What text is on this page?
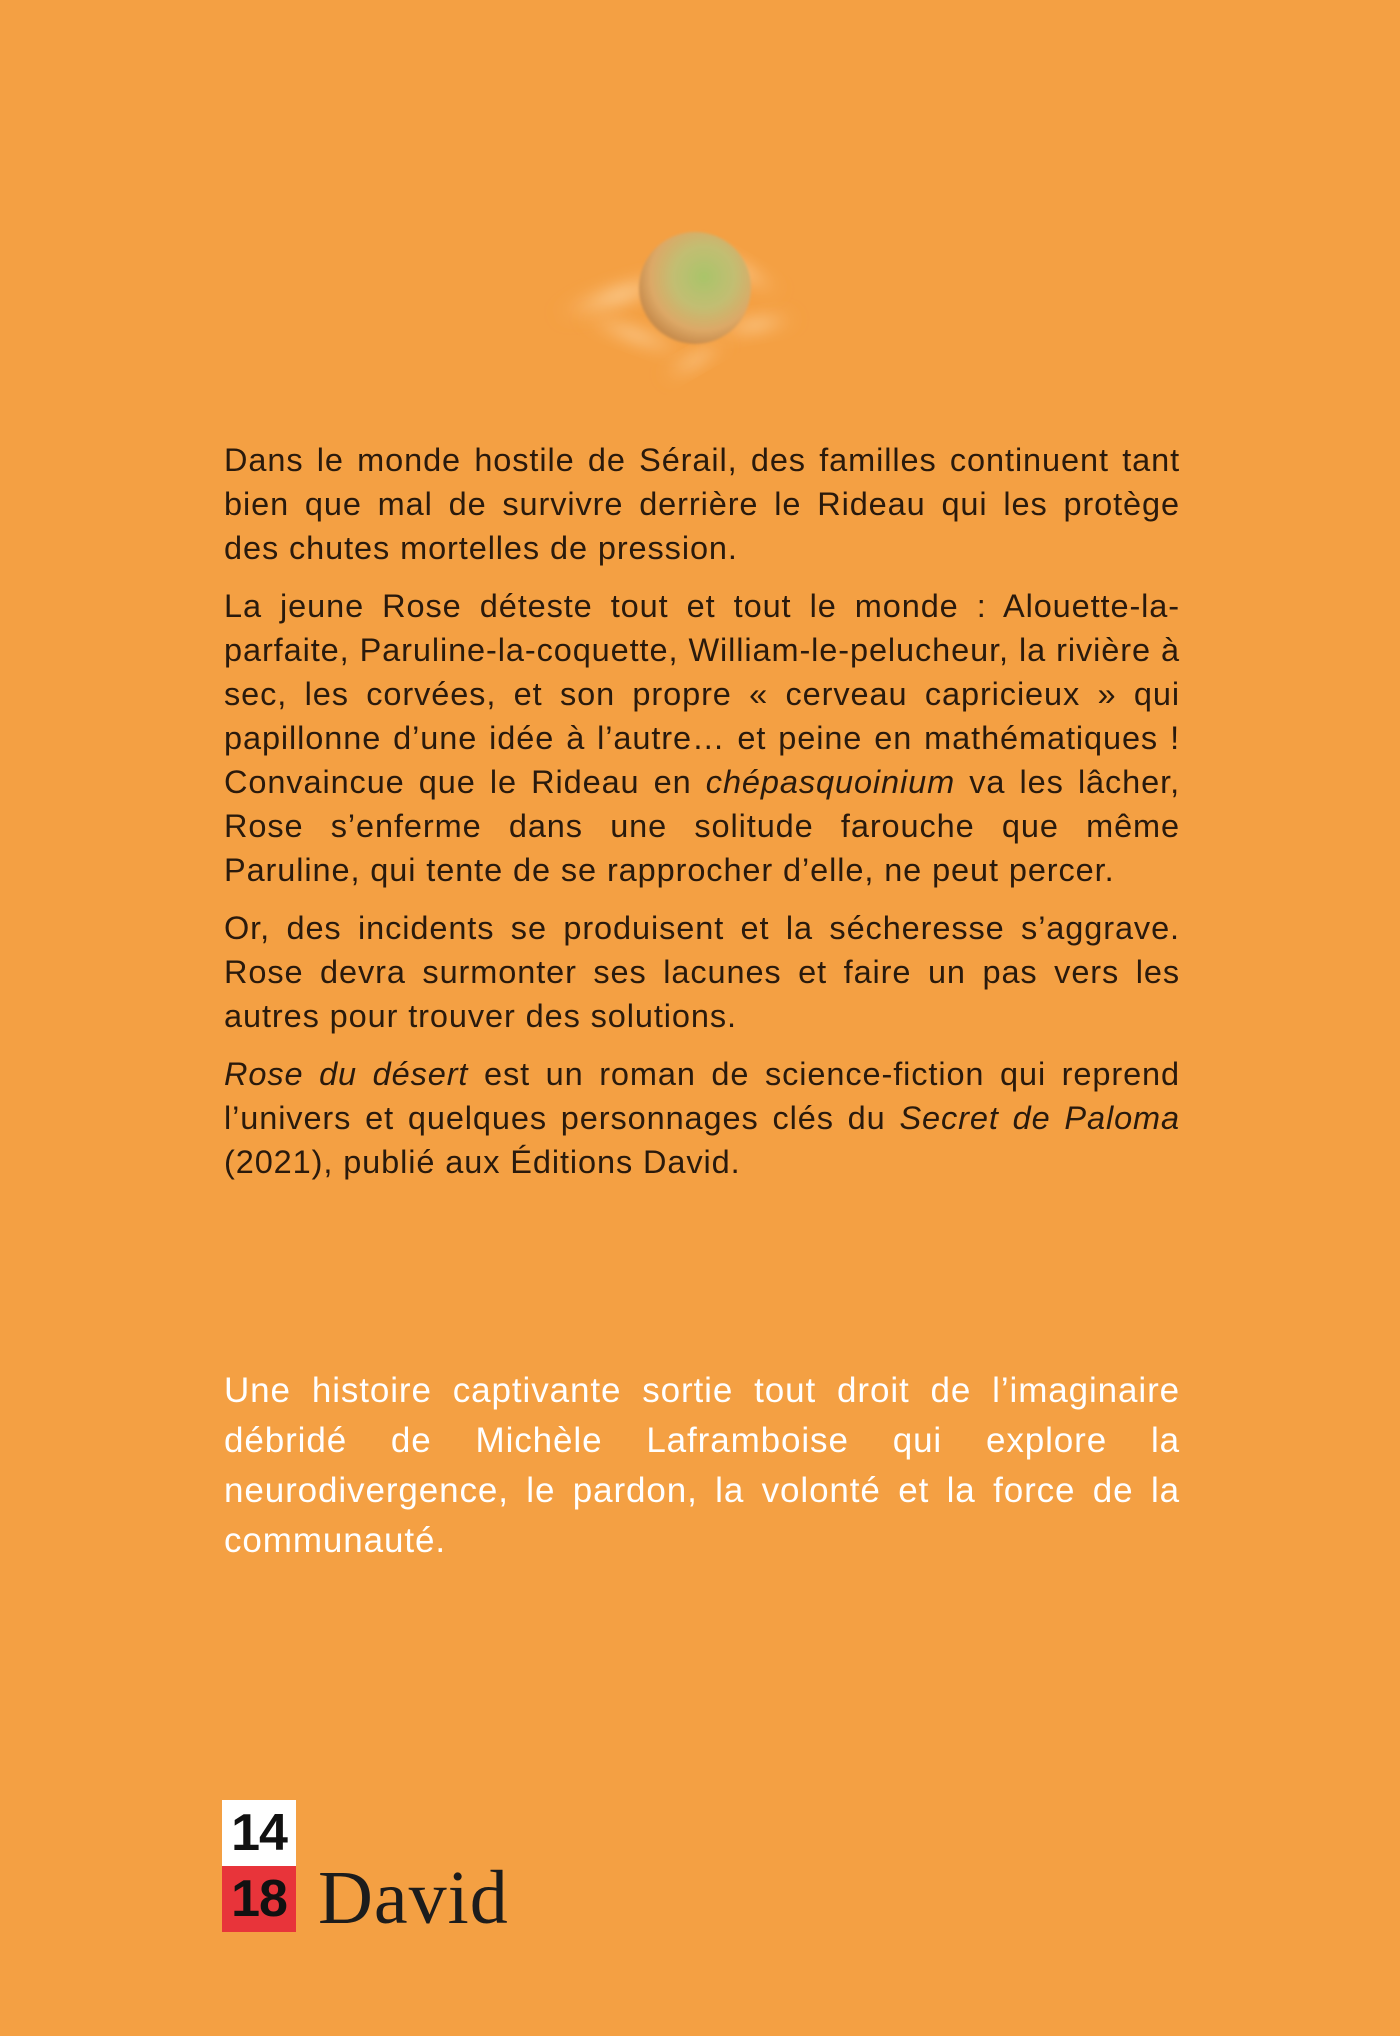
Dans le monde hostile de Sérail, des familles continuent tant bien que mal de survivre derrière le Rideau qui les protège des chutes mortelles de pression.

La jeune Rose déteste tout et tout le monde : Alouette-la-parfaite, Paruline-la-coquette, William-le-pelucheur, la rivière à sec, les corvées, et son propre « cerveau capricieux » qui papillonne d’une idée à l’autre… et peine en mathématiques ! Convaincue que le Rideau en chépasquoinium va les lâcher, Rose s’enferme dans une solitude farouche que même Paruline, qui tente de se rapprocher d’elle, ne peut percer.

Or, des incidents se produisent et la sécheresse s’aggrave. Rose devra surmonter ses lacunes et faire un pas vers les autres pour trouver des solutions.

Rose du désert est un roman de science-fiction qui reprend l’univers et quelques personnages clés du Secret de Paloma (2021), publié aux Éditions David.

Une histoire captivante sortie tout droit de l’imaginaire débridé de Michèle Laframboise qui explore la neurodivergence, le pardon, la volonté et la force de la communauté.

14
18 David
